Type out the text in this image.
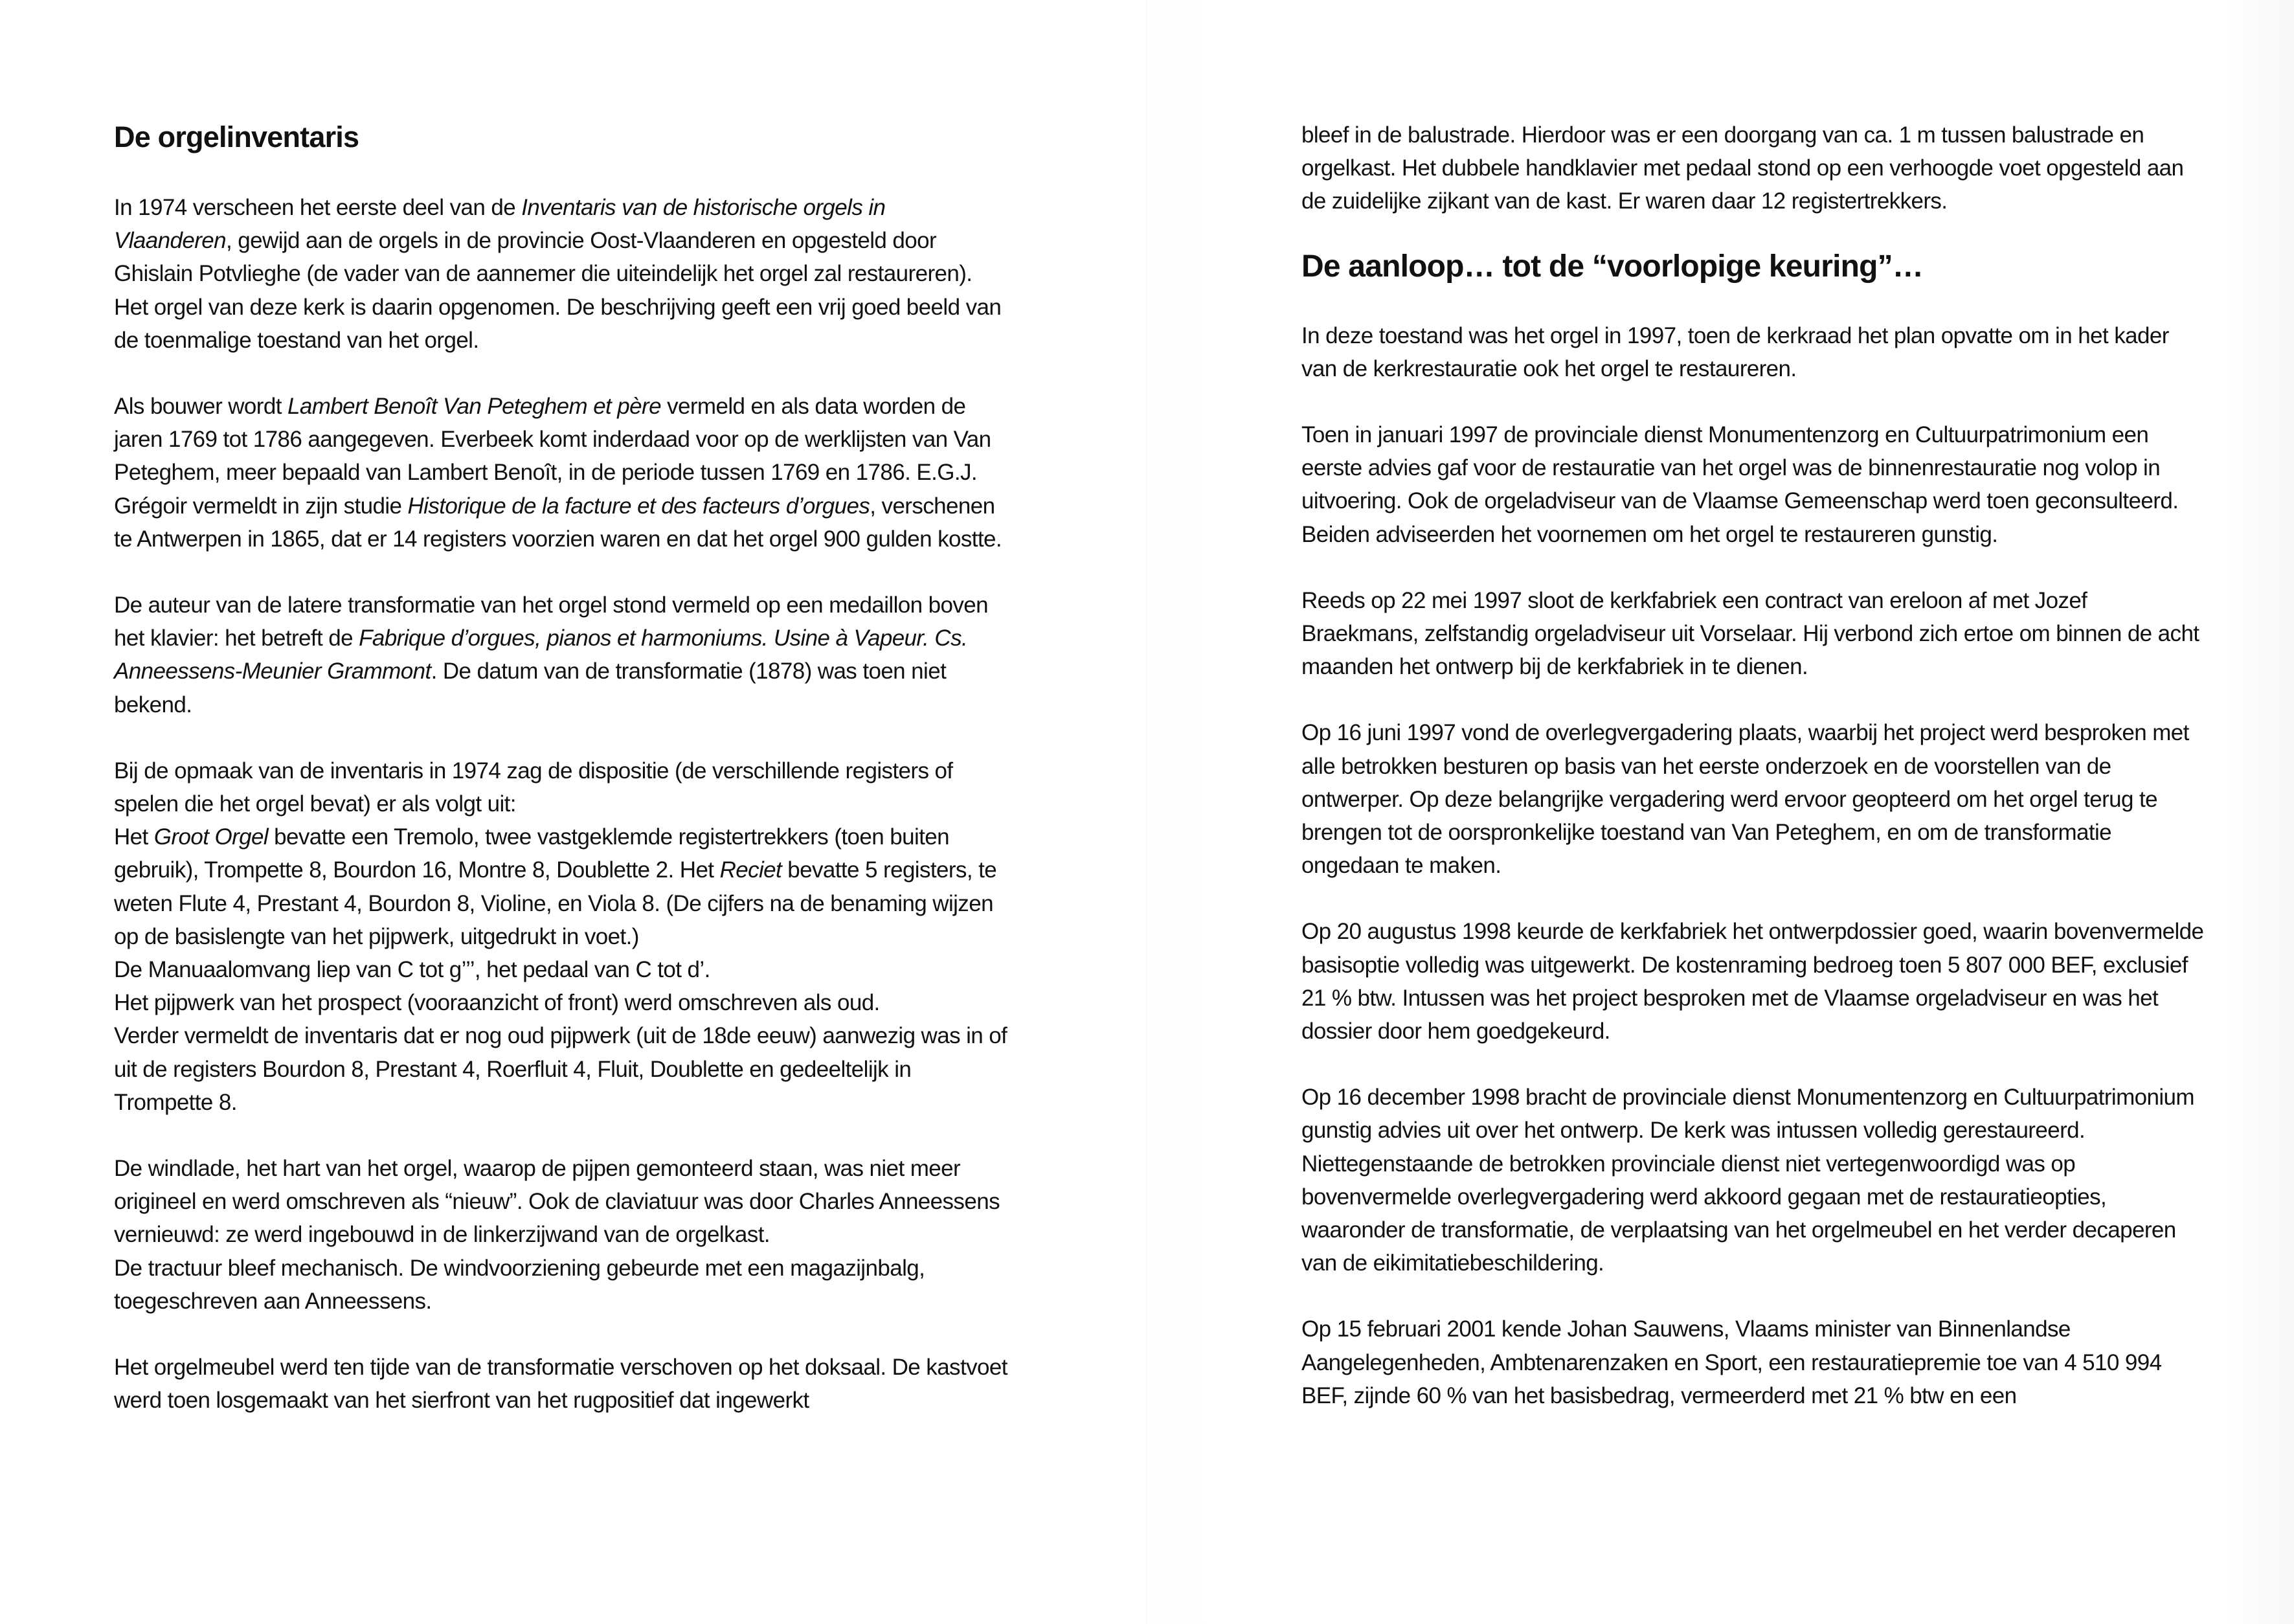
De orgelinventaris

In 1974 verscheen het eerste deel van de Inventaris van de historische orgels in Vlaanderen, gewijd aan de orgels in de provincie Oost-Vlaanderen en opgesteld door Ghislain Potvlieghe (de vader van de aannemer die uiteindelijk het orgel zal restaureren). Het orgel van deze kerk is daarin opgenomen. De beschrijving geeft een vrij goed beeld van de toenmalige toestand van het orgel.

Als bouwer wordt Lambert Benoît Van Peteghem et père vermeld en als data worden de jaren 1769 tot 1786 aangegeven. Everbeek komt inderdaad voor op de werklijsten van Van Peteghem, meer bepaald van Lambert Benoît, in de periode tussen 1769 en 1786. E.G.J. Grégoir vermeldt in zijn studie Historique de la facture et des facteurs d’orgues, verschenen te Antwerpen in 1865, dat er 14 registers voorzien waren en dat het orgel 900 gulden kostte.

De auteur van de latere transformatie van het orgel stond vermeld op een medaillon boven het klavier: het betreft de Fabrique d’orgues, pianos et harmoniums. Usine à Vapeur. Cs. Anneessens-Meunier Grammont. De datum van de transformatie (1878) was toen niet bekend.

Bij de opmaak van de inventaris in 1974 zag de dispositie (de verschillende registers of spelen die het orgel bevat) er als volgt uit:
Het Groot Orgel bevatte een Tremolo, twee vastgeklemde registertrekkers (toen buiten gebruik), Trompette 8, Bourdon 16, Montre 8, Doublette 2. Het Reciet bevatte 5 registers, te weten Flute 4, Prestant 4, Bourdon 8, Violine, en Viola 8. (De cijfers na de benaming wijzen op de basislengte van het pijpwerk, uitgedrukt in voet.)
De Manuaalomvang liep van C tot g’’’, het pedaal van C tot d’.
Het pijpwerk van het prospect (vooraanzicht of front) werd omschreven als oud.
Verder vermeldt de inventaris dat er nog oud pijpwerk (uit de 18de eeuw) aanwezig was in of uit de registers Bourdon 8, Prestant 4, Roerfluit 4, Fluit, Doublette en gedeeltelijk in Trompette 8.

De windlade, het hart van het orgel, waarop de pijpen gemonteerd staan, was niet meer origineel en werd omschreven als “nieuw”. Ook de claviatuur was door Charles Anneessens vernieuwd: ze werd ingebouwd in de linkerzijwand van de orgelkast.
De tractuur bleef mechanisch. De windvoorziening gebeurde met een magazijnbalg, toegeschreven aan Anneessens.

Het orgelmeubel werd ten tijde van de transformatie verschoven op het doksaal. De kastvoet werd toen losgemaakt van het sierfront van het rugpositief dat ingewerkt

bleef in de balustrade. Hierdoor was er een doorgang van ca. 1 m tussen balustrade en orgelkast. Het dubbele handklavier met pedaal stond op een verhoogde voet opgesteld aan de zuidelijke zijkant van de kast. Er waren daar 12 registertrekkers.

De aanloop… tot de “voorlopige keuring”…

In deze toestand was het orgel in 1997, toen de kerkraad het plan opvatte om in het kader van de kerkrestauratie ook het orgel te restaureren.

Toen in januari 1997 de provinciale dienst Monumentenzorg en Cultuurpatrimonium een eerste advies gaf voor de restauratie van het orgel was de binnenrestauratie nog volop in uitvoering. Ook de orgeladviseur van de Vlaamse Gemeenschap werd toen geconsulteerd. Beiden adviseerden het voornemen om het orgel te restaureren gunstig.

Reeds op 22 mei 1997 sloot de kerkfabriek een contract van ereloon af met Jozef Braekmans, zelfstandig orgeladviseur uit Vorselaar. Hij verbond zich ertoe om binnen de acht maanden het ontwerp bij de kerkfabriek in te dienen.

Op 16 juni 1997 vond de overlegvergadering plaats, waarbij het project werd besproken met alle betrokken besturen op basis van het eerste onderzoek en de voorstellen van de ontwerper. Op deze belangrijke vergadering werd ervoor geopteerd om het orgel terug te brengen tot de oorspronkelijke toestand van Van Peteghem, en om de transformatie ongedaan te maken.

Op 20 augustus 1998 keurde de kerkfabriek het ontwerpdossier goed, waarin bovenvermelde basisoptie volledig was uitgewerkt. De kostenraming bedroeg toen 5 807 000 BEF, exclusief 21 % btw. Intussen was het project besproken met de Vlaamse orgeladviseur en was het dossier door hem goedgekeurd.

Op 16 december 1998 bracht de provinciale dienst Monumentenzorg en Cultuurpatrimonium gunstig advies uit over het ontwerp. De kerk was intussen volledig gerestaureerd. Niettegenstaande de betrokken provinciale dienst niet vertegenwoordigd was op bovenvermelde overlegvergadering werd akkoord gegaan met de restauratieopties, waaronder de transformatie, de verplaatsing van het orgelmeubel en het verder decaperen van de eikimitatiebeschildering.

Op 15 februari 2001 kende Johan Sauwens, Vlaams minister van Binnenlandse Aangelegenheden, Ambtenarenzaken en Sport, een restauratiepremie toe van 4 510 994 BEF, zijnde 60 % van het basisbedrag, vermeerderd met 21 % btw en een
